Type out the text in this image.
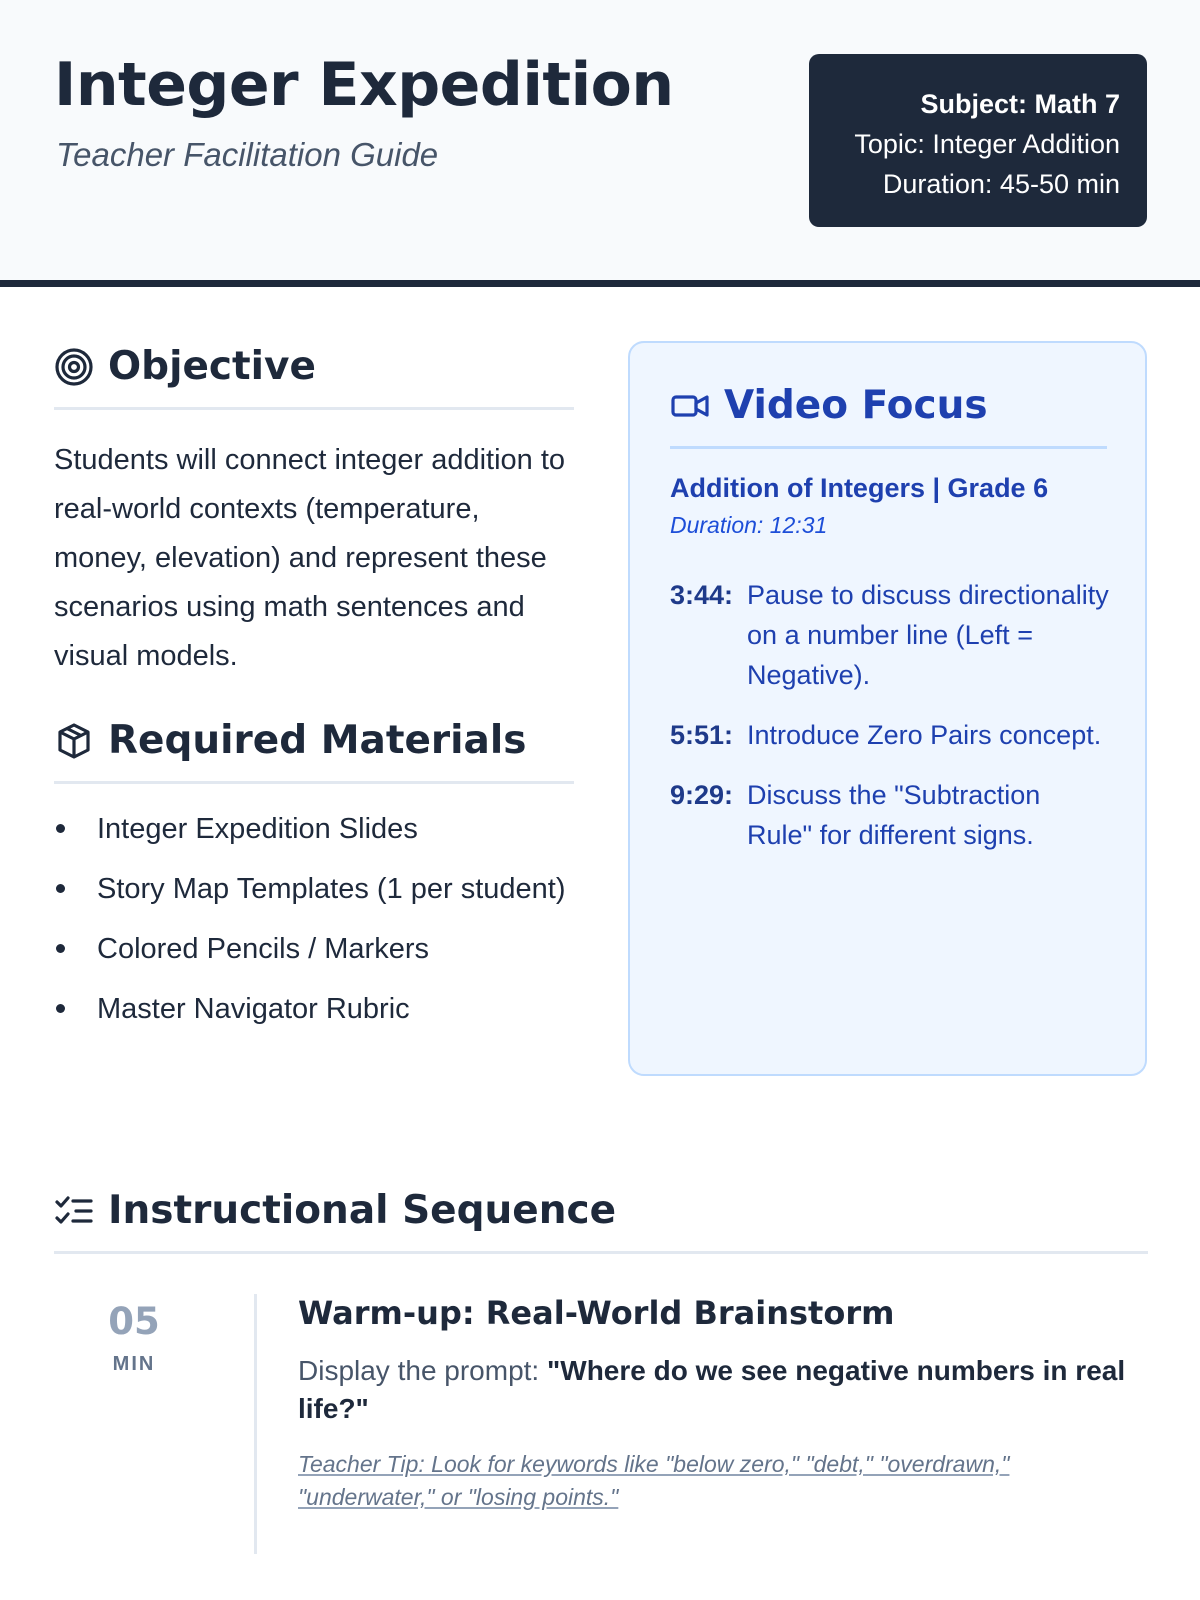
Integer Expedition
Teacher Facilitation Guide
Subject: Math 7
Topic: Integer Addition
Duration: 45-50 min
Objective
Students will connect integer addition to real-world contexts (temperature, money, elevation) and represent these scenarios using math sentences and visual models.
Required Materials
Integer Expedition Slides
Story Map Templates (1 per student)
Colored Pencils / Markers
Master Navigator Rubric
Video Focus
Addition of Integers | Grade 6
Duration: 12:31
3:44: Pause to discuss directionality on a number line (Left = Negative).
5:51: Introduce Zero Pairs concept.
9:29: Discuss the "Subtraction Rule" for different signs.
Instructional Sequence
05
MIN
Warm-up: Real-World Brainstorm
Display the prompt: "Where do we see negative numbers in real life?"
Teacher Tip: Look for keywords like "below zero," "debt," "overdrawn," "underwater," or "losing points."
